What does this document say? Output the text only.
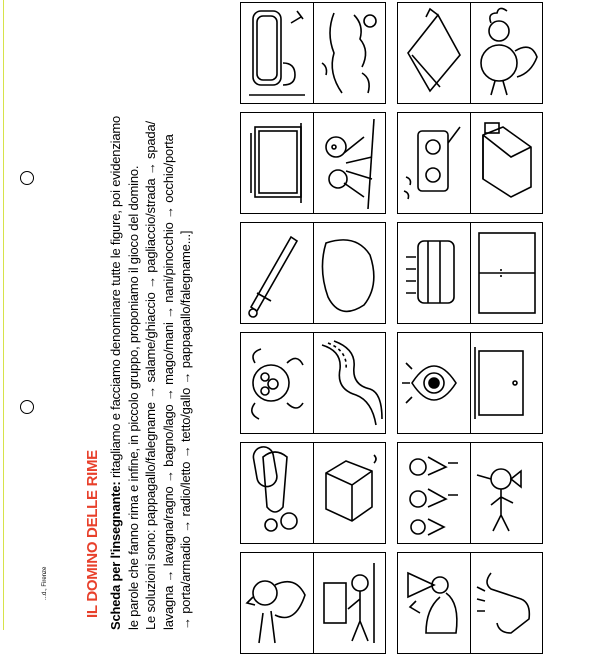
...d., Firenze IL DOMINO DELLE RIME Scheda per l'insegnante: ritagliamo e facciamo denominare tutte le figure, poi evidenziamo le parole che fanno rima e infine, in piccolo gruppo, proponiamo il gioco del domino. Le soluzioni sono: pappagallo/falegname → salame/ghiaccio → pagliaccio/strada → spada/ lavagna → lavagna/ragno → bagno/lago → mago/mani → nani/pinocchio → occhio/porta → porta/armadio → radio/letto → tetto/gallo → pappagallo/falegname...]
